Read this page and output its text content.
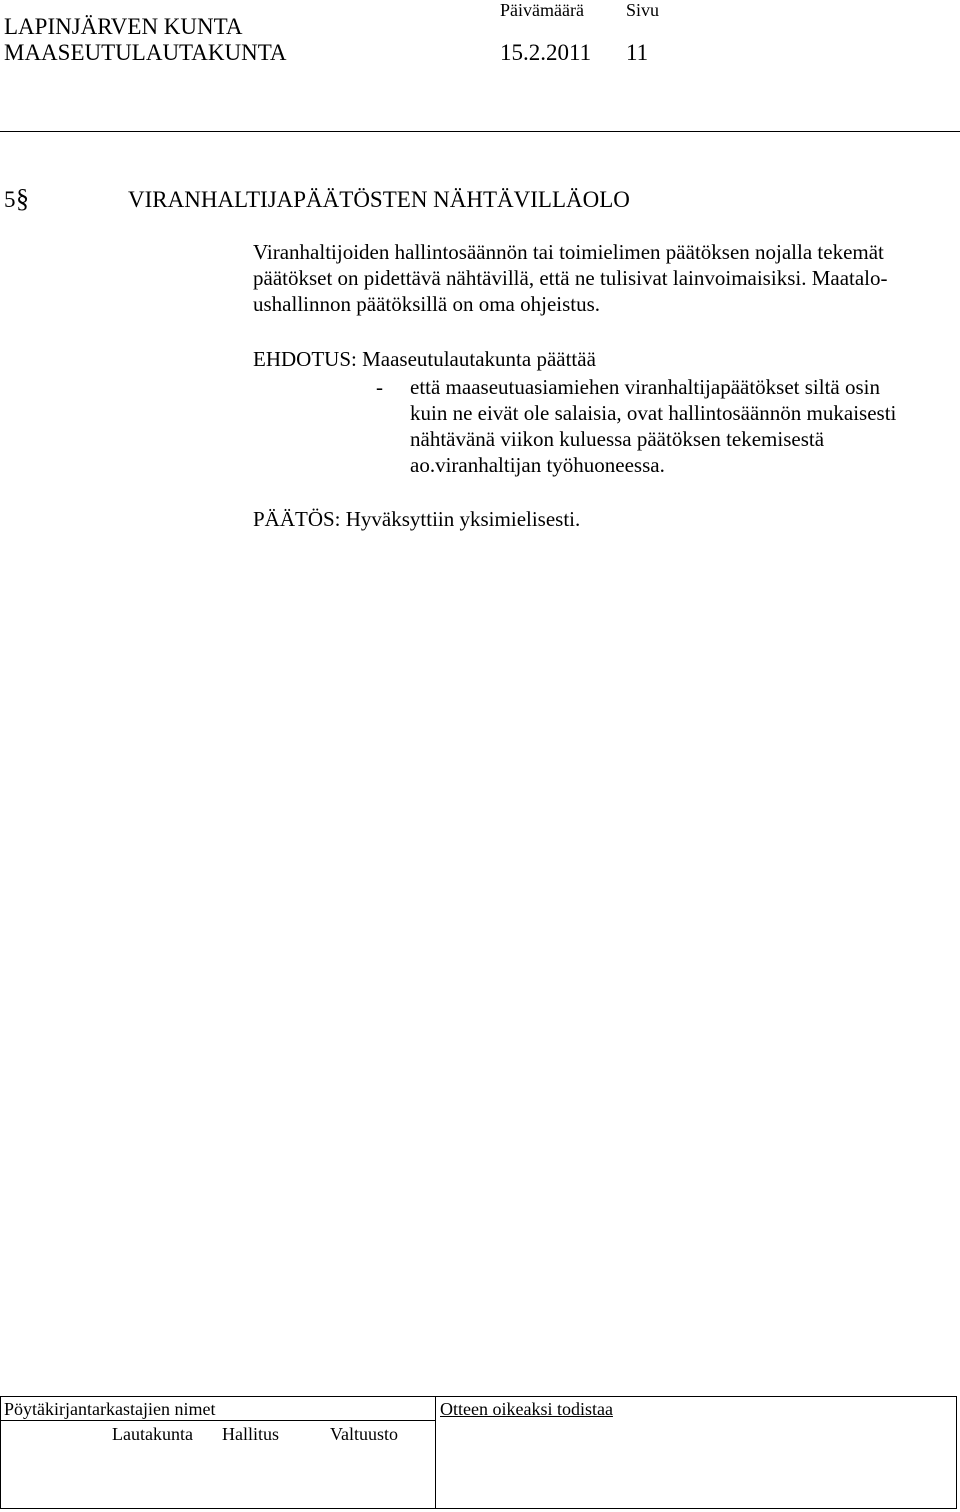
LAPINJÄRVEN KUNTA
MAASEUTULAUTAKUNTA
Päivämäärä Sivu
15.2.2011 11
5 §	VIRANHALTIJAPÄÄTÖSTEN NÄHTÄVILLÄOLO
Viranhaltijoiden hallintosäännön tai toimielimen päätöksen nojalla tekemät
päätökset on pidettävä nähtävillä, että ne tulisivat lainvoimaisiksi. Maatalo-
ushallinnon päätöksillä on oma ohjeistus.
EHDOTUS: Maaseutulautakunta päättää
- että maaseutuasiamiehen viranhaltijapäätökset siltä osin
kuin ne eivät ole salaisia, ovat hallintosäännön mukaisesti
nähtävänä viikon kuluessa päätöksen tekemisestä
ao.viranhaltijan työhuoneessa.
PÄÄTÖS: Hyväksyttiin yksimielisesti.
Pöytäkirjantarkastajien nimet	Otteen oikeaksi todistaa
Lautakunta Hallitus	Valtuusto
